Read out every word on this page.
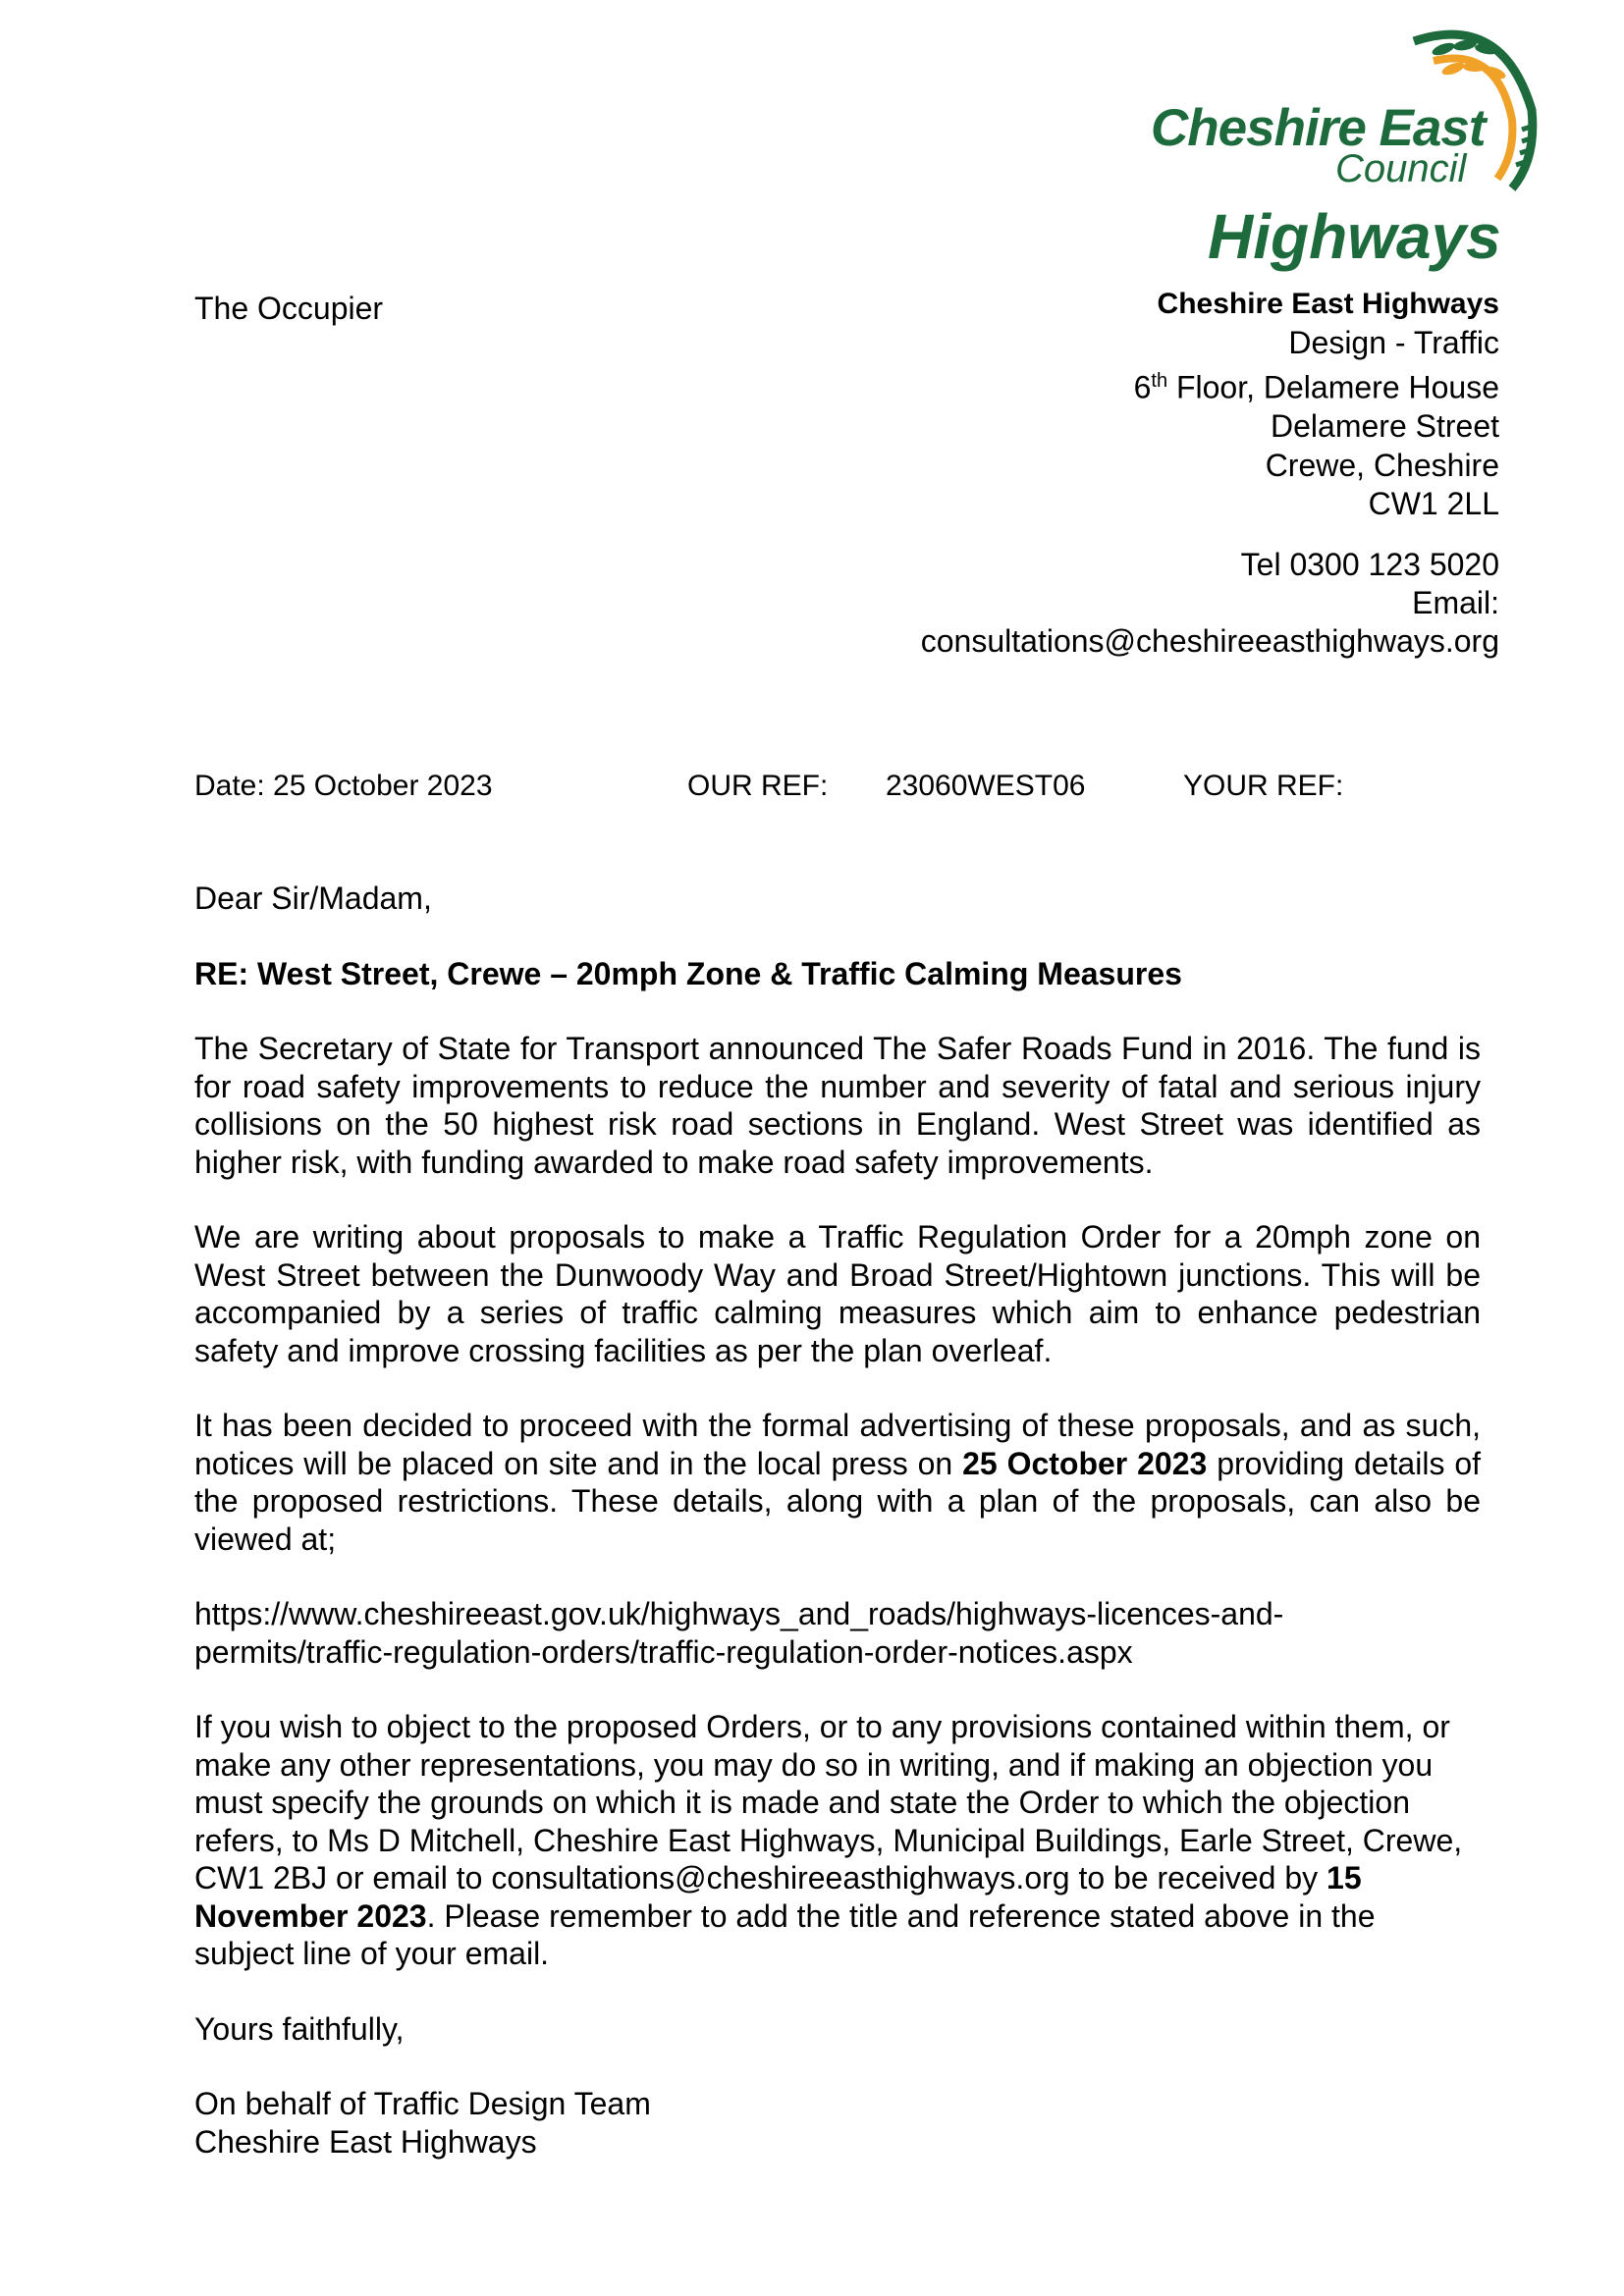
Cheshire East
Council
Highways
The Occupier	Cheshire East Highways
Design - Traffic
6th Floor, Delamere House
Delamere Street
Crewe, Cheshire
CW1 2LL
Tel 0300 123 5020
Email:
consultations@cheshireeasthighways.org
Date: 25 October 2023	OUR REF: 23060WEST06	YOUR REF:

Dear Sir/Madam,

RE: West Street, Crewe – 20mph Zone & Traffic Calming Measures

The Secretary of State for Transport announced The Safer Roads Fund in 2016. The fund is for road safety improvements to reduce the number and severity of fatal and serious injury collisions on the 50 highest risk road sections in England. West Street was identified as higher risk, with funding awarded to make road safety improvements.

We are writing about proposals to make a Traffic Regulation Order for a 20mph zone on West Street between the Dunwoody Way and Broad Street/Hightown junctions. This will be accompanied by a series of traffic calming measures which aim to enhance pedestrian safety and improve crossing facilities as per the plan overleaf.

It has been decided to proceed with the formal advertising of these proposals, and as such, notices will be placed on site and in the local press on 25 October 2023 providing details of the proposed restrictions. These details, along with a plan of the proposals, can also be viewed at;

https://www.cheshireeast.gov.uk/highways_and_roads/highways-licences-and-
permits/traffic-regulation-orders/traffic-regulation-order-notices.aspx

If you wish to object to the proposed Orders, or to any provisions contained within them, or make any other representations, you may do so in writing, and if making an objection you must specify the grounds on which it is made and state the Order to which the objection refers, to Ms D Mitchell, Cheshire East Highways, Municipal Buildings, Earle Street, Crewe, CW1 2BJ or email to consultations@cheshireeasthighways.org to be received by 15 November 2023. Please remember to add the title and reference stated above in the subject line of your email.

Yours faithfully,

On behalf of Traffic Design Team
Cheshire East Highways
